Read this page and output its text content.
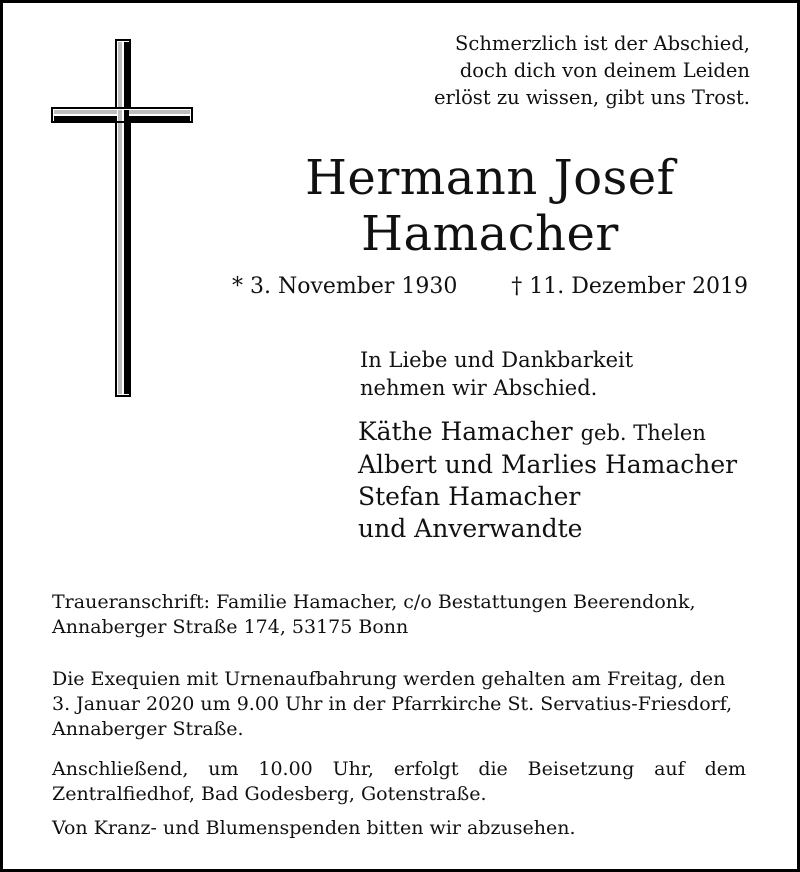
Schmerzlich ist der Abschied,
doch dich von deinem Leiden
erlöst zu wissen, gibt uns Trost.
Hermann Josef
Hamacher
* 3. November 1930 † 11. Dezember 2019
In Liebe und Dankbarkeit
nehmen wir Abschied.
Käthe Hamacher geb. Thelen
Albert und Marlies Hamacher
Stefan Hamacher
und Anverwandte
Traueranschrift: Familie Hamacher, c/o Bestattungen Beerendonk,
Annaberger Straße 174, 53175 Bonn
Die Exequien mit Urnenaufbahrung werden gehalten am Freitag, den
3. Januar 2020 um 9.00 Uhr in der Pfarrkirche St. Servatius-Friesdorf,
Annaberger Straße.
Anschließend, um 10.00 Uhr, erfolgt die Beisetzung auf dem
Zentralfiedhof, Bad Godesberg, Gotenstraße.
Von Kranz- und Blumenspenden bitten wir abzusehen.
